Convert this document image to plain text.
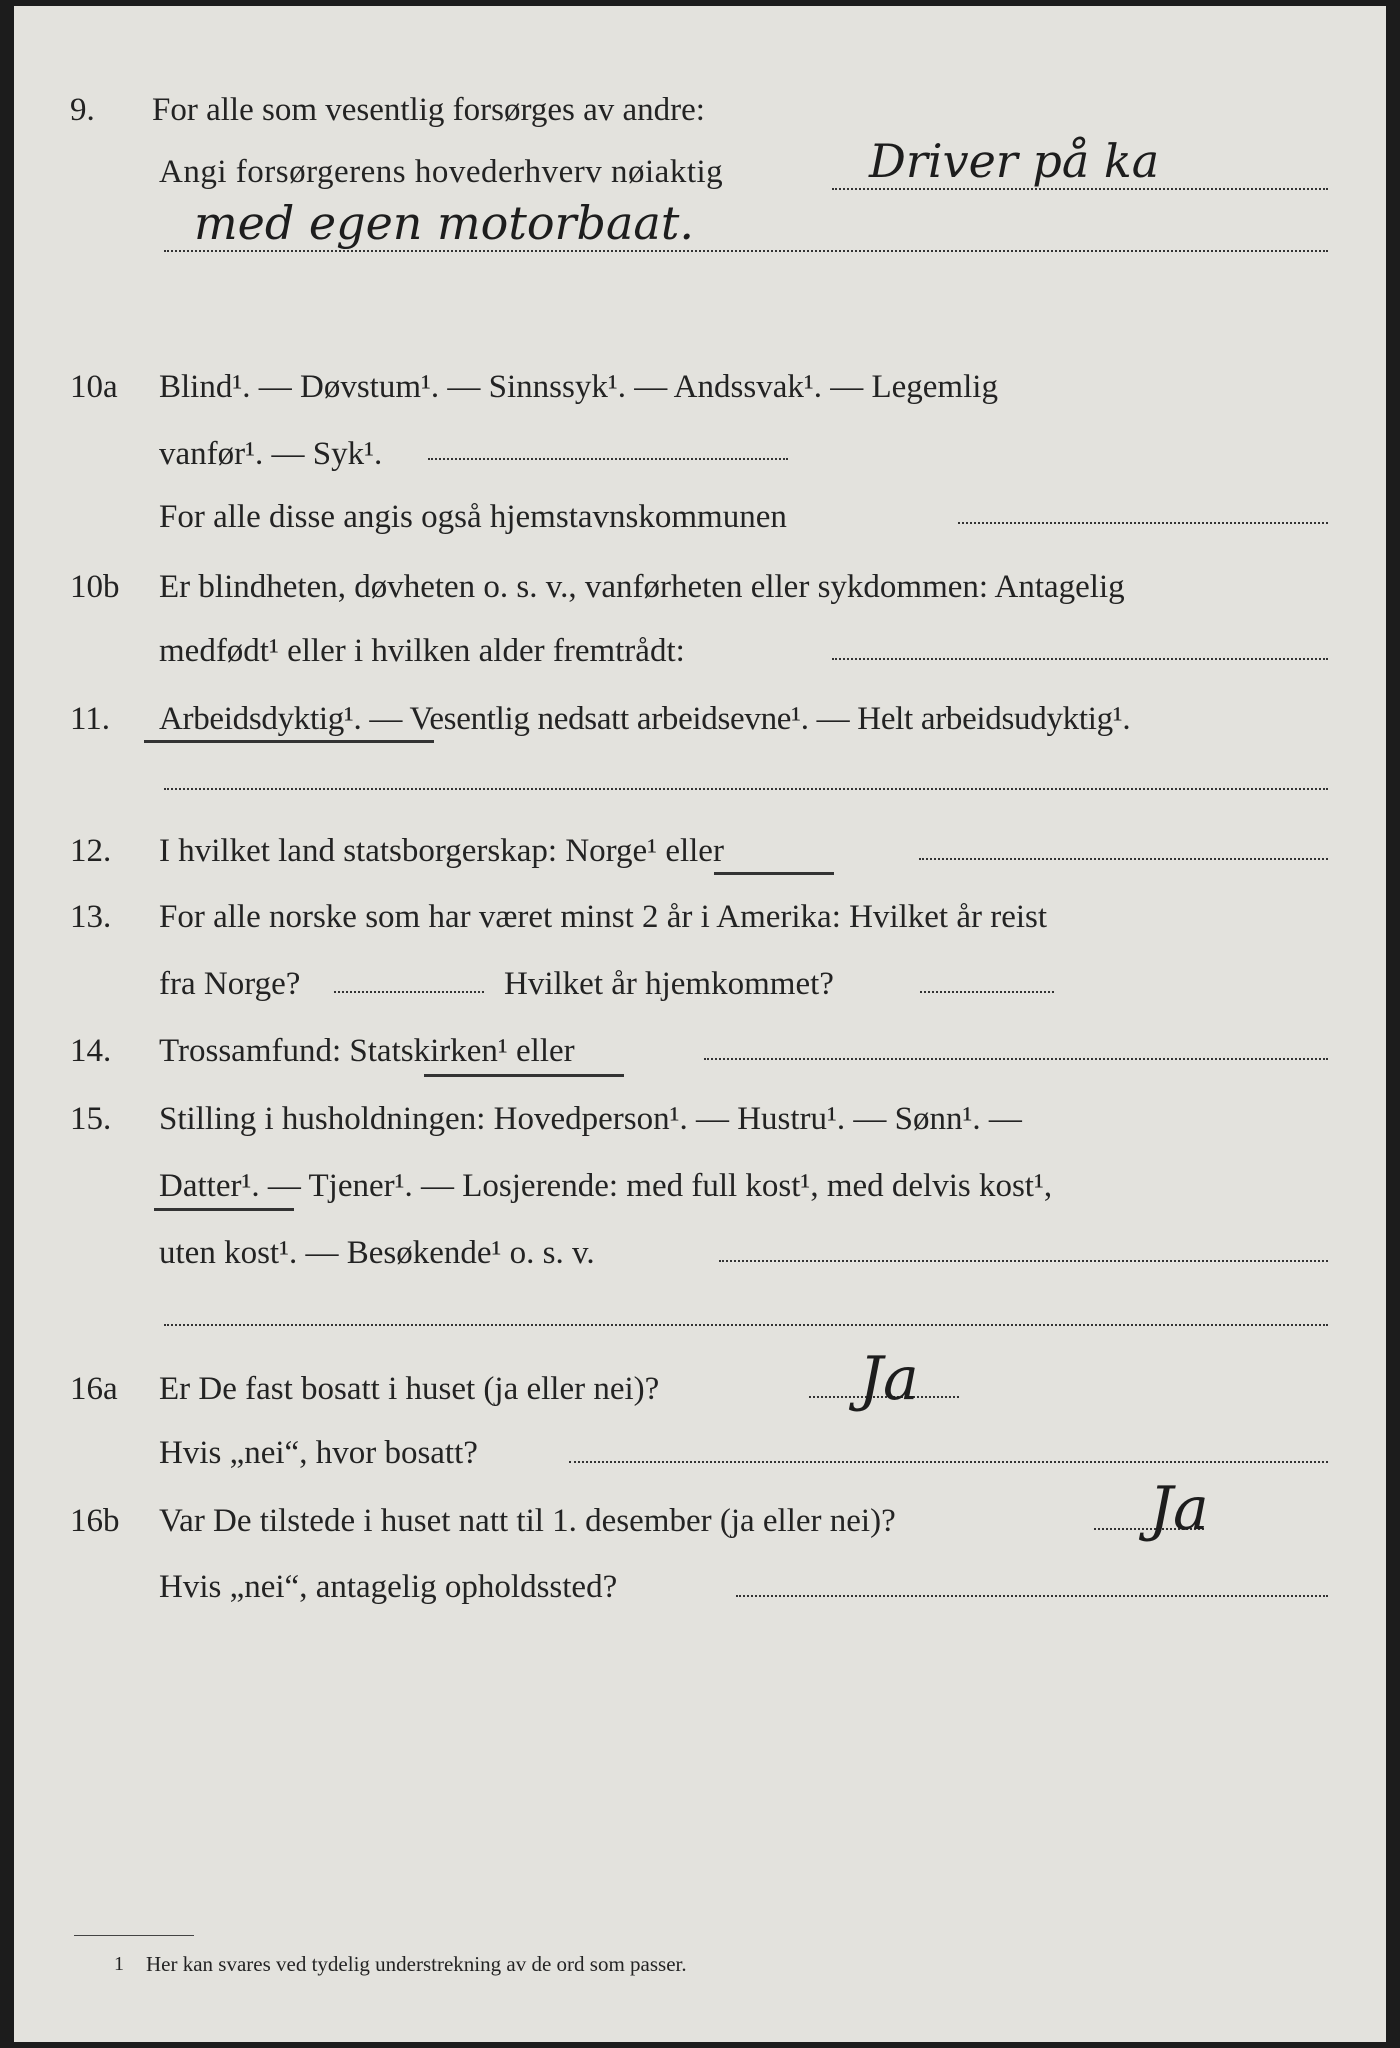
9. For alle som vesentlig forsørges av andre:
Angi forsørgerens hovederhverv nøiaktig	Driver på ka
med egen motorbaat.
10a Blind¹. — Døvstum¹. — Sinnssyk¹. — Andssvak¹. — Legemlig
vanfør¹. — Syk¹.
For alle disse angis også hjemstavnskommunen
10b Er blindheten, døvheten o. s. v., vanførheten eller sykdommen: Antagelig
medfødt¹ eller i hvilken alder fremtrådt:
11. Arbeidsdyktig¹. — Vesentlig nedsatt arbeidsevne¹. — Helt arbeidsudyktig¹.
12. I hvilket land statsborgerskap: Norge¹ eller
13. For alle norske som har været minst 2 år i Amerika: Hvilket år reist
fra Norge?	Hvilket år hjemkommet?
14. Trossamfund: Statskirken¹ eller
15. Stilling i husholdningen: Hovedperson¹. — Hustru¹. — Sønn¹. —
Datter¹. — Tjener¹. — Losjerende: med full kost¹, med delvis kost¹,
uten kost¹. — Besøkende¹ o. s. v.
16a Er De fast bosatt i huset (ja eller nei)?	Ja
Hvis „nei“, hvor bosatt?
16b Var De tilstede i huset natt til 1. desember (ja eller nei)?	Ja
Hvis „nei“, antagelig opholdssted?
1 Her kan svares ved tydelig understrekning av de ord som passer.
